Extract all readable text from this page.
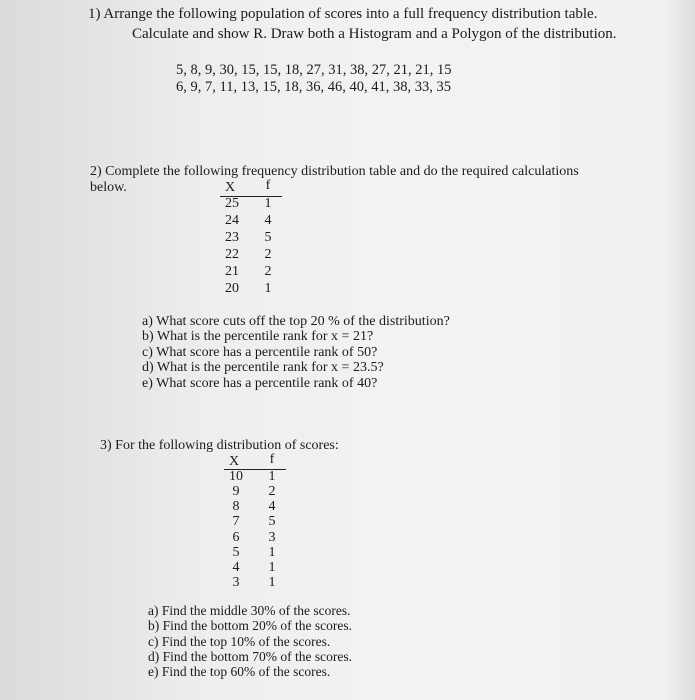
1) Arrange the following population of scores into a full frequency distribution table.
Calculate and show R. Draw both a Histogram and a Polygon of the distribution.
5, 8, 9, 30, 15, 15, 18, 27, 31, 38, 27, 21, 21, 15
6, 9, 7, 11, 13, 15, 18, 36, 46, 40, 41, 38, 33, 35
2) Complete the following frequency distribution table and do the required calculations
below.	X	f
25	1
24	4
23	5
22	2
21	2
20	1
a) What score cuts off the top 20 % of the distribution?
b) What is the percentile rank for x = 21?
c) What score has a percentile rank of 50?
d) What is the percentile rank for x = 23.5?
e) What score has a percentile rank of 40?
3) For the following distribution of scores:
X	f
10	1
9	2
8	4
7	5
6	3
5	1
4	1
3	1
a) Find the middle 30% of the scores.
b) Find the bottom 20% of the scores.
c) Find the top 10% of the scores.
d) Find the bottom 70% of the scores.
e) Find the top 60% of the scores.
